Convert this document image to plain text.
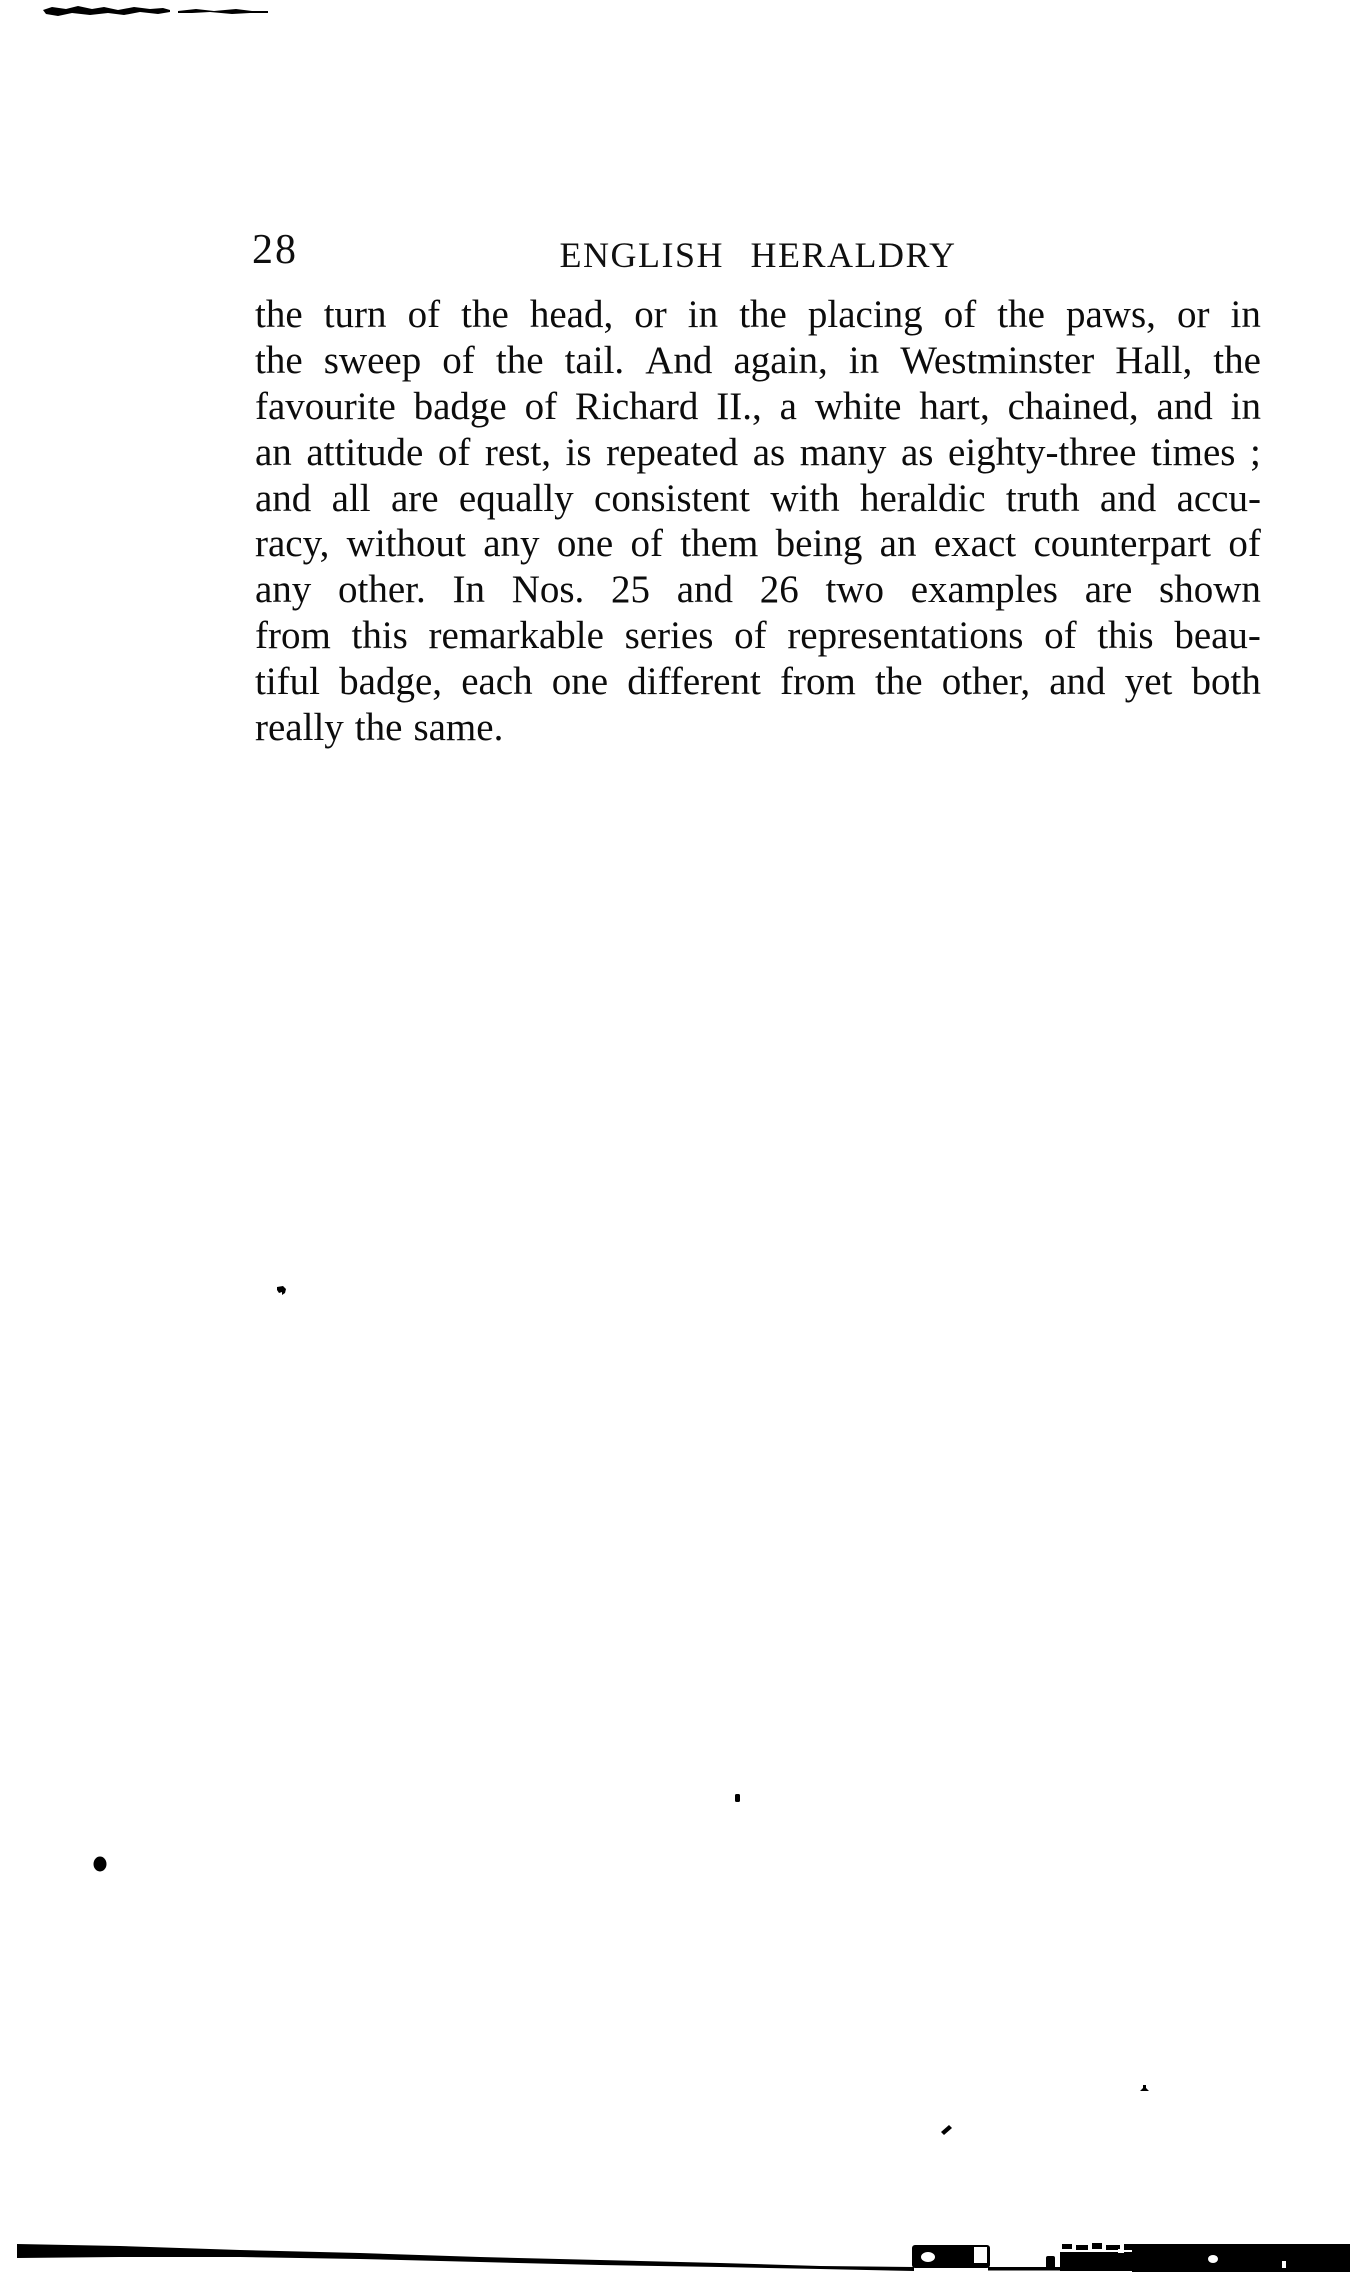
28	ENGLISH HERALDRY
the turn of the head, or in the placing of the paws, or in
the sweep of the tail. And again, in Westminster Hall, the
favourite badge of Richard II., a white hart, chained, and in
an attitude of rest, is repeated as many as eighty-three times ;
and all are equally consistent with heraldic truth and accu-
racy, without any one of them being an exact counterpart of
any other. In Nos. 25 and 26 two examples are shown
from this remarkable series of representations of this beau-
tiful badge, each one different from the other, and yet both
really the same.
